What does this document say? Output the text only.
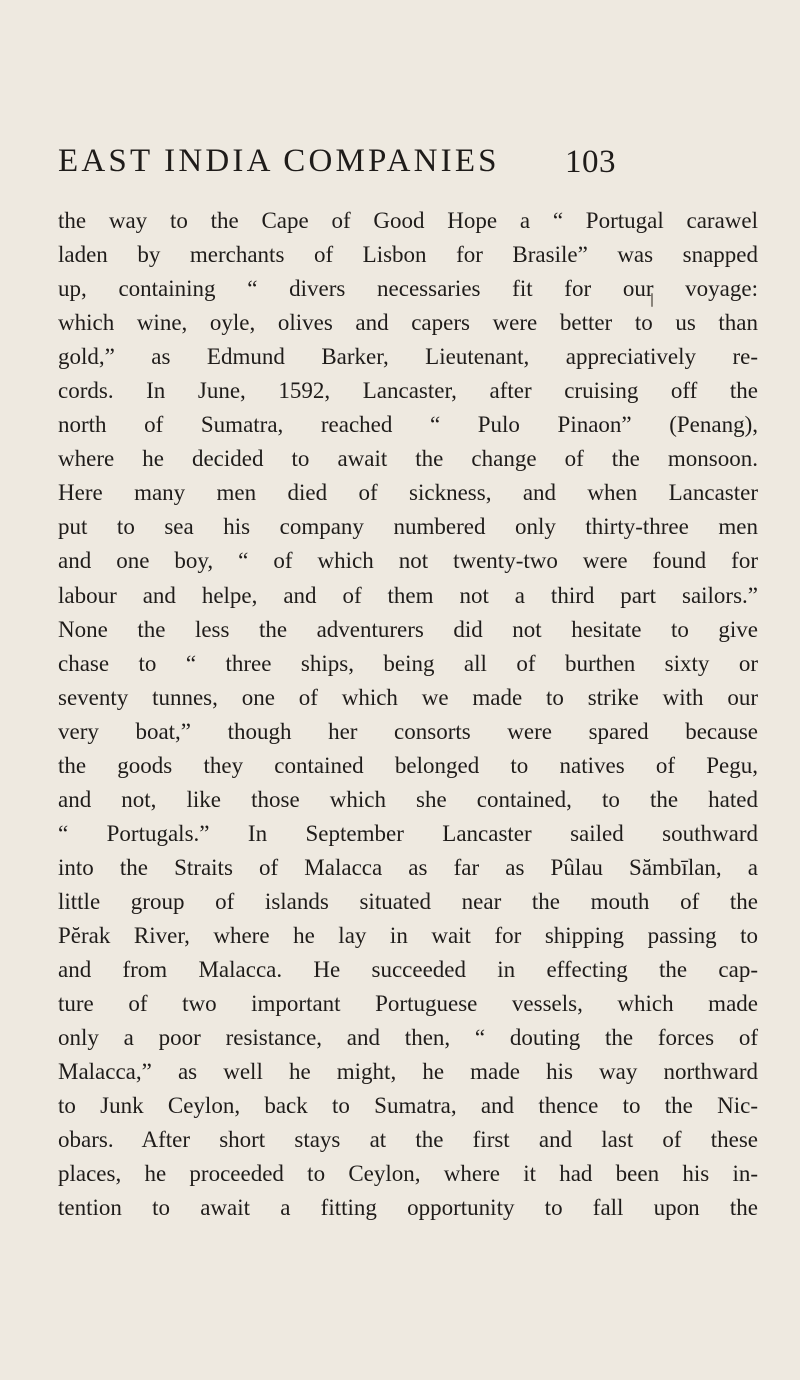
EAST INDIA COMPANIES 103
the way to the Cape of Good Hope a “ Portugal carawel
laden by merchants of Lisbon for Brasile” was snapped
up, containing “ divers necessaries fit for our voyage:
which wine, oyle, olives and capers were better to us than
gold,” as Edmund Barker, Lieutenant, appreciatively re-
cords. In June, 1592, Lancaster, after cruising off the
north of Sumatra, reached “ Pulo Pinaon” (Penang),
where he decided to await the change of the monsoon.
Here many men died of sickness, and when Lancaster
put to sea his company numbered only thirty-three men
and one boy, “ of which not twenty-two were found for
labour and helpe, and of them not a third part sailors.”
None the less the adventurers did not hesitate to give
chase to “ three ships, being all of burthen sixty or
seventy tunnes, one of which we made to strike with our
very boat,” though her consorts were spared because
the goods they contained belonged to natives of Pegu,
and not, like those which she contained, to the hated
“ Portugals.” In September Lancaster sailed southward
into the Straits of Malacca as far as Pûlau Sămbīlan, a
little group of islands situated near the mouth of the
Pĕrak River, where he lay in wait for shipping passing to
and from Malacca. He succeeded in effecting the cap-
ture of two important Portuguese vessels, which made
only a poor resistance, and then, “ douting the forces of
Malacca,” as well he might, he made his way northward
to Junk Ceylon, back to Sumatra, and thence to the Nic-
obars. After short stays at the first and last of these
places, he proceeded to Ceylon, where it had been his in-
tention to await a fitting opportunity to fall upon the
